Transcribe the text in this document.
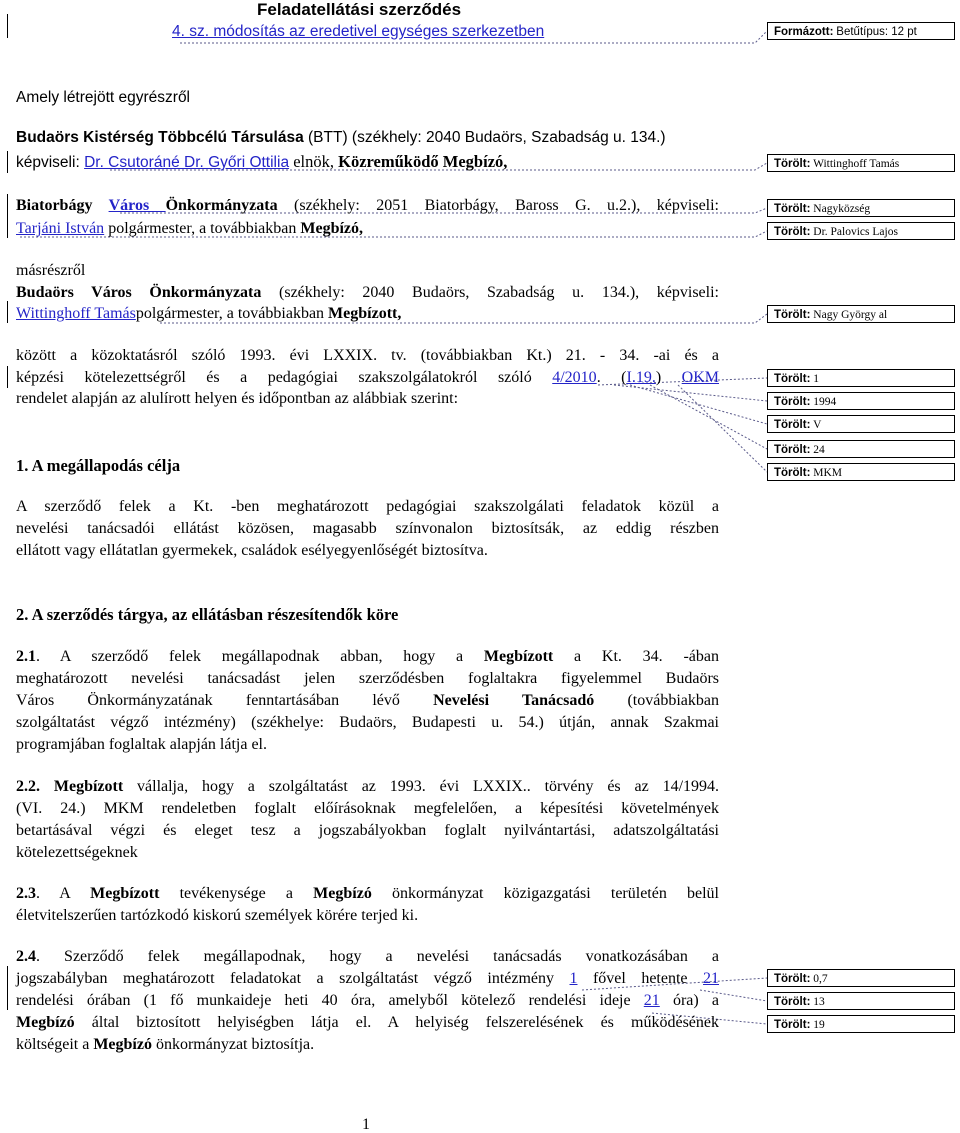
Feladatellátási szerződés
4. sz. módosítás az eredetivel egységes szerkezetben	Formázott: Betűtípus: 12 pt
Törölt: Wittinghoff Tamás
Törölt: Nagyközség
Törölt: Dr. Palovics Lajos
Törölt: Nagy György al
Törölt: 1
Törölt: 1994
Törölt: V
Törölt: 24
Törölt: MKM
Törölt: 0,7
Törölt: 13
Törölt: 19
Amely létrejött egyrészről
Budaörs Kistérség Többcélú Társulása (BTT) (székhely: 2040 Budaörs, Szabadság u. 134.)
képviseli: Dr. Csutoráné Dr. Győri Ottilia elnök, Közreműködő Megbízó,
Biatorbágy Város Önkormányzata (székhely: 2051 Biatorbágy, Baross G. u.2.), képviseli:
Tarjáni István polgármester, a továbbiakban Megbízó,
másrészről
Budaörs Város Önkormányzata (székhely: 2040 Budaörs, Szabadság u. 134.), képviseli:
Wittinghoff Tamáspolgármester, a továbbiakban Megbízott,
között a közoktatásról szóló 1993. évi LXXIX. tv. (továbbiakban Kt.) 21. - 34. -ai és a
képzési kötelezettségről és a pedagógiai szakszolgálatokról szóló 4/2010. (I.19.) OKM
rendelet alapján az alulírott helyen és időpontban az alábbiak szerint:
1. A megállapodás célja
A szerződő felek a Kt. -ben meghatározott pedagógiai szakszolgálati feladatok közül a
nevelési tanácsadói ellátást közösen, magasabb színvonalon biztosítsák, az eddig részben
ellátott vagy ellátatlan gyermekek, családok esélyegyenlőségét biztosítva.
2. A szerződés tárgya, az ellátásban részesítendők köre
2.1. A szerződő felek megállapodnak abban, hogy a Megbízott a Kt. 34. -ában
meghatározott nevelési tanácsadást jelen szerződésben foglaltakra figyelemmel Budaörs
Város Önkormányzatának fenntartásában lévő Nevelési Tanácsadó (továbbiakban
szolgáltatást végző intézmény) (székhelye: Budaörs, Budapesti u. 54.) útján, annak Szakmai
programjában foglaltak alapján látja el.
2.2. Megbízott vállalja, hogy a szolgáltatást az 1993. évi LXXIX.. törvény és az 14/1994.
(VI. 24.) MKM rendeletben foglalt előírásoknak megfelelően, a képesítési követelmények
betartásával végzi és eleget tesz a jogszabályokban foglalt nyilvántartási, adatszolgáltatási
kötelezettségeknek
2.3. A Megbízott tevékenysége a Megbízó önkormányzat közigazgatási területén belül
életvitelszerűen tartózkodó kiskorú személyek körére terjed ki.
2.4. Szerződő felek megállapodnak, hogy a nevelési tanácsadás vonatkozásában a
jogszabályban meghatározott feladatokat a szolgáltatást végző intézmény 1 fővel hetente 21
rendelési órában (1 fő munkaideje heti 40 óra, amelyből kötelező rendelési ideje 21 óra) a
Megbízó által biztosított helyiségben látja el. A helyiség felszerelésének és működésének
költségeit a Megbízó önkormányzat biztosítja.
1
